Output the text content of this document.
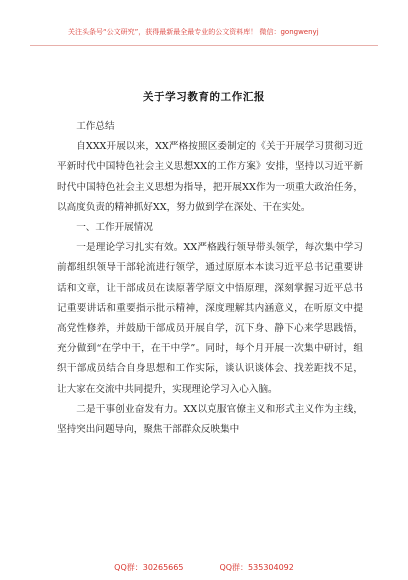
关注头条号“公文研究”，获得最新最全最专业的公文资料库！ 微信：gongwenyj
关于学习教育的工作汇报

工作总结

自XXX开展以来，XX严格按照区委制定的《关于开展学习贯彻习近平新时代中国特色社会主义思想XX的工作方案》安排，坚持以习近平新时代中国特色社会主义思想为指导，把开展XX作为一项重大政治任务，以高度负责的精神抓好XX，努力做到学在深处、干在实处。

一、工作开展情况

一是理论学习扎实有效。XX严格践行领导带头领学，每次集中学习前都组织领导干部轮流进行领学，通过原原本本读习近平总书记重要讲话和文章，让干部成员在读原著学原文中悟原理，深刻掌握习近平总书记重要讲话和重要指示批示精神，深度理解其内涵意义，在听原文中提高党性修养，并鼓励干部成员开展自学，沉下身、静下心来学思践悟，充分做到“在学中干，在干中学”。同时，每个月开展一次集中研讨，组织干部成员结合自身思想和工作实际，谈认识谈体会、找差距找不足，让大家在交流中共同提升，实现理论学习入心入脑。

二是干事创业奋发有力。XX以克服官僚主义和形式主义作为主线，坚持突出问题导向，聚焦干部群众反映集中

QQ群：30265665	QQ群：535304092
